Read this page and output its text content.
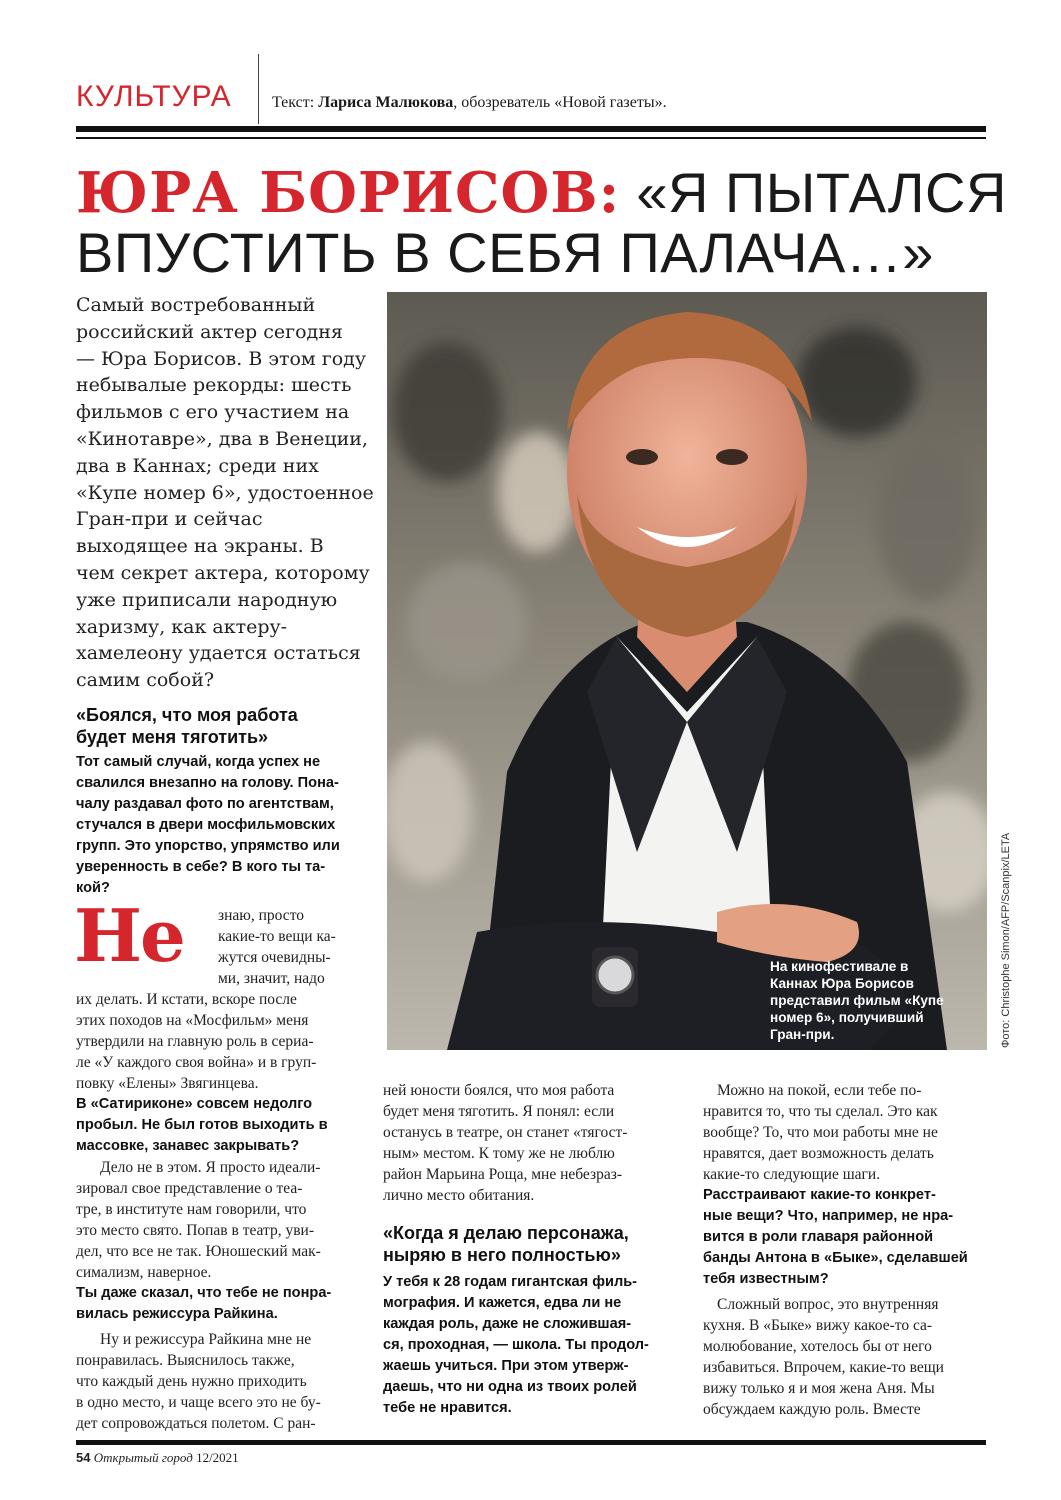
КУЛЬТУРА	Текст: Лариса Малюкова, обозреватель «Новой газеты».
ЮРА БОРИСОВ: «Я ПЫТАЛСЯ
ВПУСТИТЬ В СЕБЯ ПАЛАЧА…»
Самый востребованный
российский актер сегодня
— Юра Борисов. В этом году
небывалые рекорды: шесть
фильмов с его участием на
«Кинотавре», два в Венеции,
два в Каннах; среди них
«Купе номер 6», удостоенное
Гран-при и сейчас
выходящее на экраны. В
чем секрет актера, которому
уже приписали народную
харизму, как актеру-
хамелеону удается остаться
самим собой?
На кинофестивале в
Каннах Юра Борисов
представил фильм «Купе
номер 6», получивший
Гран-при.	Фото: Christophe Simon/AFP/Scanpix/LETA
«Боялся, что моя работа
будет меня тяготить»
Тот самый случай, когда успех не
свалился внезапно на голову. Пона-
чалу раздавал фото по агентствам,
стучался в двери мосфильмовских
групп. Это упорство, упрямство или
уверенность в себе? В кого ты та-
кой?
знаю, просто
какие-то вещи ка-
жутся очевидны-
ми, значит, надо
их делать. И кстати, вскоре после
этих походов на «Мосфильм» меня
утвердили на главную роль в сериа-
ле «У каждого своя война» и в груп-
повку «Елены» Звягинцева.
В «Сатириконе» совсем недолго
пробыл. Не был готов выходить в
массовке, занавес закрывать?
Дело не в этом. Я просто идеали-
зировал свое представление о теа-
тре, в институте нам говорили, что
это место свято. Попав в театр, уви-
дел, что все не так. Юношеский мак-
симализм, наверное.
Ты даже сказал, что тебе не понра-
вилась режиссура Райкина.
Ну и режиссура Райкина мне не
понравилась. Выяснилось также,
что каждый день нужно приходить
в одно место, и чаще всего это не бу-
дет сопровождаться полетом. С ран-
Не
ней юности боялся, что моя работа
будет меня тяготить. Я понял: если
останусь в театре, он станет «тягост-
ным» местом. К тому же не люблю
район Марьина Роща, мне небезраз-
лично место обитания.
«Когда я делаю персонажа,
ныряю в него полностью»
У тебя к 28 годам гигантская филь-
мография. И кажется, едва ли не
каждая роль, даже не сложившая-
ся, проходная, — школа. Ты продол-
жаешь учиться. При этом утверж-
даешь, что ни одна из твоих ролей
тебе не нравится.
Можно на покой, если тебе по-
нравится то, что ты сделал. Это как
вообще? То, что мои работы мне не
нравятся, дает возможность делать
какие-то следующие шаги.
Расстраивают какие-то конкрет-
ные вещи? Что, например, не нра-
вится в роли главаря районной
банды Антона в «Быке», сделавшей
тебя известным?
Сложный вопрос, это внутренняя
кухня. В «Быке» вижу какое-то са-
молюбование, хотелось бы от него
избавиться. Впрочем, какие-то вещи
вижу только я и моя жена Аня. Мы
обсуждаем каждую роль. Вместе
54 Открытый город 12/2021
